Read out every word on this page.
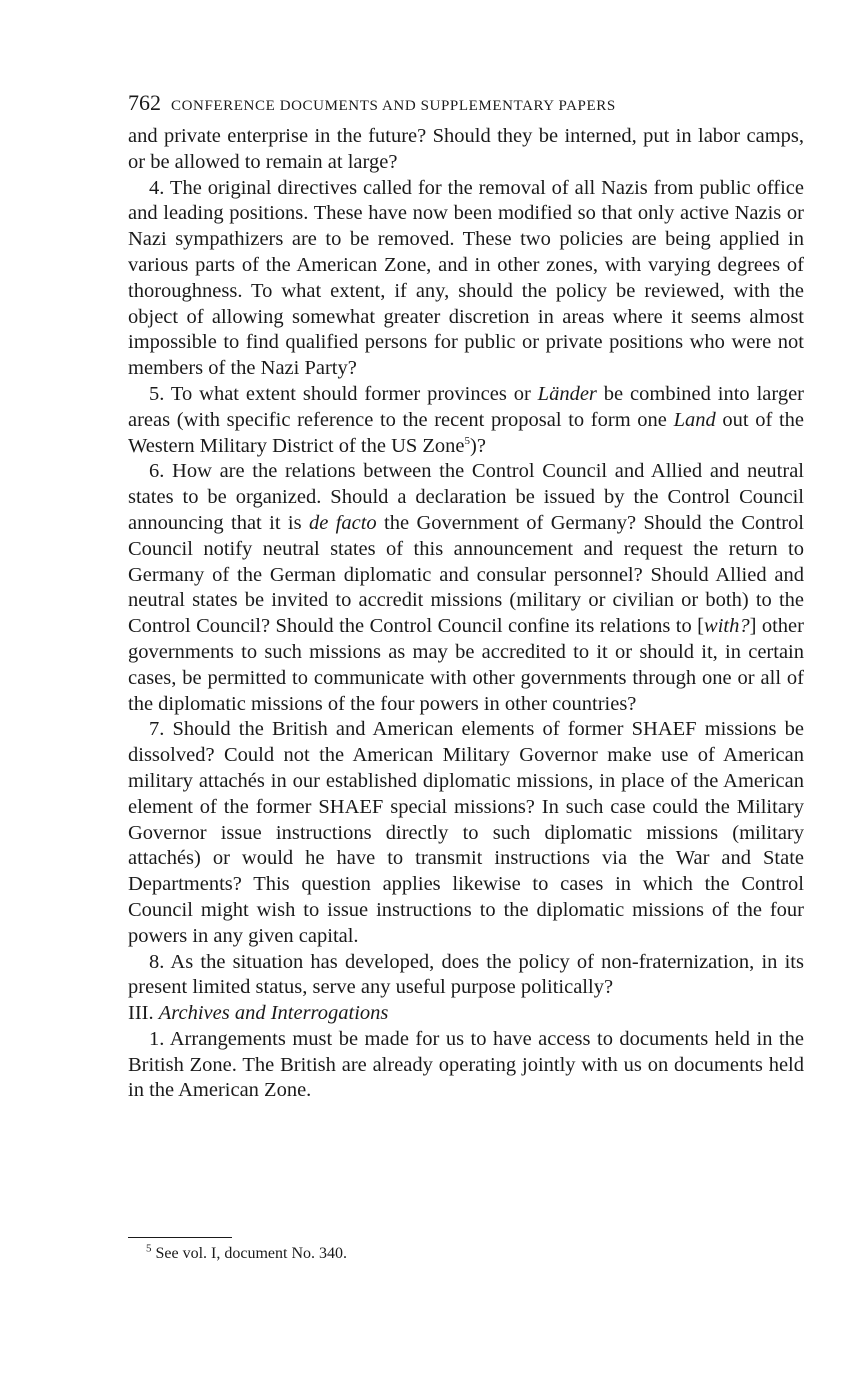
762 CONFERENCE DOCUMENTS AND SUPPLEMENTARY PAPERS

and private enterprise in the future? Should they be interned, put in labor camps, or be allowed to remain at large?

4. The original directives called for the removal of all Nazis from public office and leading positions. These have now been modified so that only active Nazis or Nazi sympathizers are to be removed. These two policies are being applied in various parts of the American Zone, and in other zones, with varying degrees of thoroughness. To what extent, if any, should the policy be reviewed, with the object of allowing somewhat greater discretion in areas where it seems almost impossible to find qualified persons for public or private positions who were not members of the Nazi Party?

5. To what extent should former provinces or Länder be combined into larger areas (with specific reference to the recent proposal to form one Land out of the Western Military District of the US Zone$^5$)?

6. How are the relations between the Control Council and Allied and neutral states to be organized. Should a declaration be issued by the Control Council announcing that it is de facto the Government of Germany? Should the Control Council notify neutral states of this announcement and request the return to Germany of the German diplomatic and consular personnel? Should Allied and neutral states be invited to accredit missions (military or civilian or both) to the Control Council? Should the Control Council confine its relations to [with?] other governments to such missions as may be accredited to it or should it, in certain cases, be permitted to communicate with other governments through one or all of the diplomatic missions of the four powers in other countries?

7. Should the British and American elements of former SHAEF missions be dissolved? Could not the American Military Governor make use of American military attachés in our established diplomatic missions, in place of the American element of the former SHAEF special missions? In such case could the Military Governor issue instructions directly to such diplomatic missions (military attachés) or would he have to transmit instructions via the War and State Departments? This question applies likewise to cases in which the Control Council might wish to issue instructions to the diplomatic missions of the four powers in any given capital.

8. As the situation has developed, does the policy of non-fraternization, in its present limited status, serve any useful purpose politically?

III. Archives and Interrogations

1. Arrangements must be made for us to have access to documents held in the British Zone. The British are already operating jointly with us on documents held in the American Zone.

$^5$ See vol. I, document No. 340.
